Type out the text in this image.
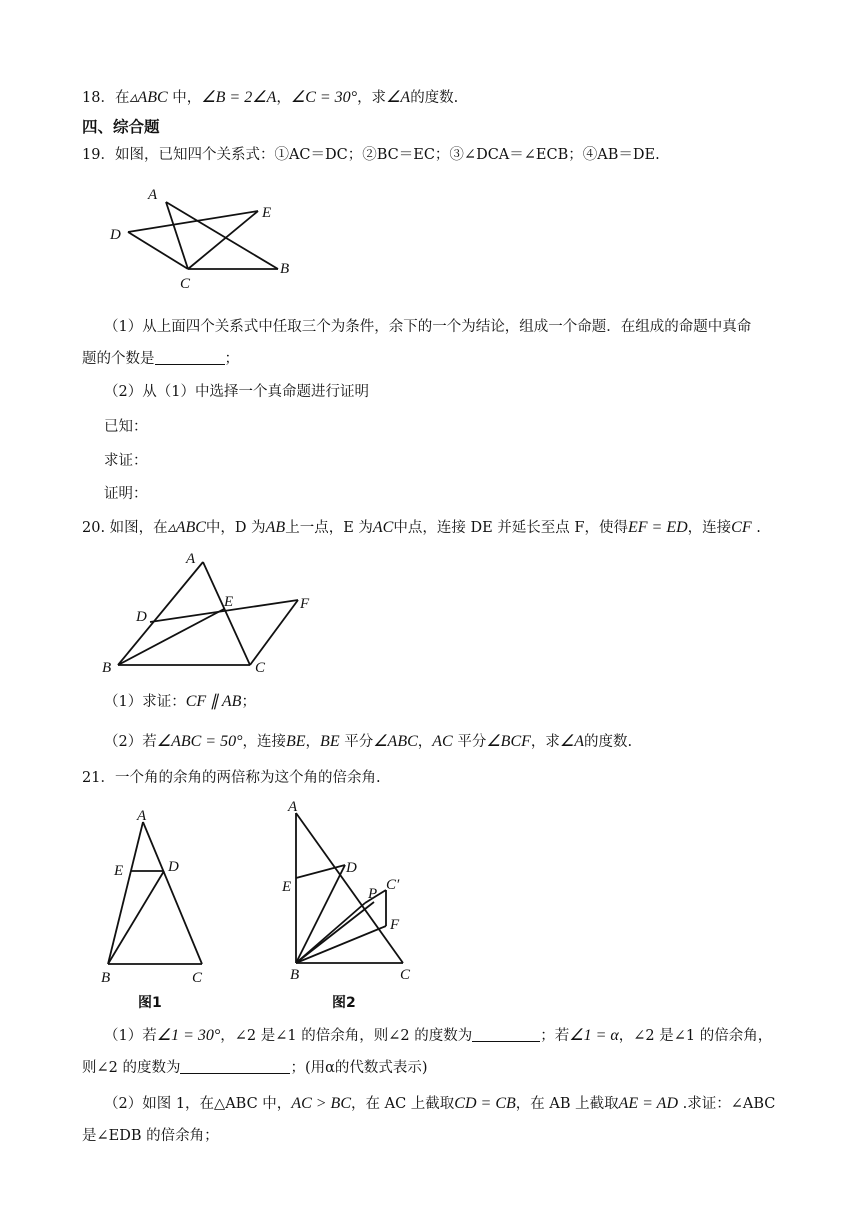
18．在▵ABC 中，∠B = 2∠A，∠C = 30°，求∠A的度数.
四、综合题
19．如图，已知四个关系式：①AC＝DC；②BC＝EC；③∠DCA＝∠ECB；④AB＝DE.
A
E
D
B
C
（1）从上面四个关系式中任取三个为条件，余下的一个为结论，组成一个命题．在组成的命题中真命
题的个数是	；
（2）从（1）中选择一个真命题进行证明
已知：
求证：
证明：
20. 如图，在▵ABC中，D 为AB上一点，E 为AC中点，连接 DE 并延长至点 F，使得EF = ED，连接CF .
A
D
E	F
B	C
（1）求证：CF ∥ AB；
（2）若∠ABC = 50°，连接BE，BE 平分∠ABC，AC 平分∠BCF，求∠A的度数.
21．一个角的余角的两倍称为这个角的倍余角.
A
E	D
B	C
图1
A
D
E	P
C′
F
B	C
图2
（1）若∠1 = 30°，∠2 是∠1 的倍余角，则∠2 的度数为	；若∠1 = α，∠2 是∠1 的倍余角，
则∠2 的度数为	；(用α的代数式表示)
（2）如图 1，在△ABC 中，AC > BC，在 AC 上截取CD = CB，在 AB 上截取AE = AD .求证：∠ABC
是∠EDB 的倍余角；
